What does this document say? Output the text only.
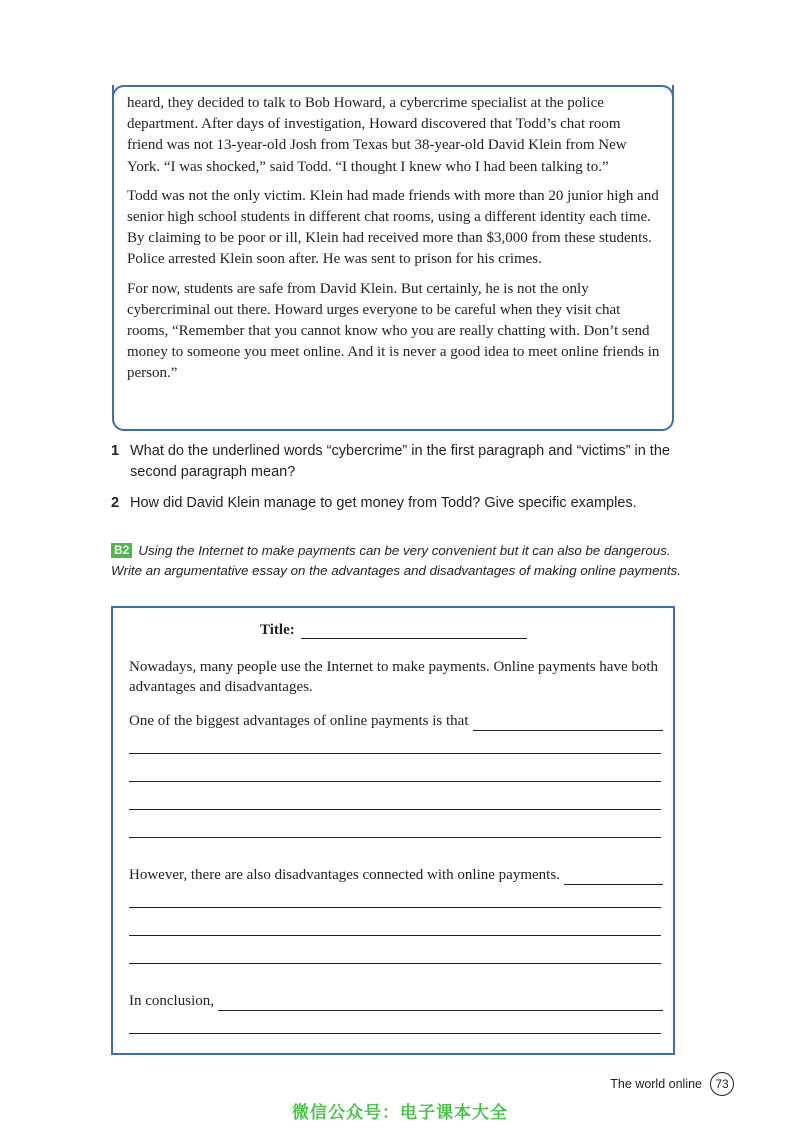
heard, they decided to talk to Bob Howard, a cybercrime specialist at the police department. After days of investigation, Howard discovered that Todd’s chat room friend was not 13-year-old Josh from Texas but 38-year-old David Klein from New York. “I was shocked,” said Todd. “I thought I knew who I had been talking to.”

Todd was not the only victim. Klein had made friends with more than 20 junior high and senior high school students in different chat rooms, using a different identity each time. By claiming to be poor or ill, Klein had received more than $3,000 from these students. Police arrested Klein soon after. He was sent to prison for his crimes.

For now, students are safe from David Klein. But certainly, he is not the only cybercriminal out there. Howard urges everyone to be careful when they visit chat rooms, “Remember that you cannot know who you are really chatting with. Don’t send money to someone you meet online. And it is never a good idea to meet online friends in person.”

1 What do the underlined words “cybercrime” in the first paragraph and “victims” in the second paragraph mean?
2 How did David Klein manage to get money from Todd? Give specific examples.
B2 Using the Internet to make payments can be very convenient but it can also be dangerous. Write an argumentative essay on the advantages and disadvantages of making online payments.
Title:
Nowadays, many people use the Internet to make payments. Online payments have both advantages and disadvantages.
One of the biggest advantages of online payments is that
However, there are also disadvantages connected with online payments.
In conclusion,
The world online	73
微信公众号：电子课本大全
